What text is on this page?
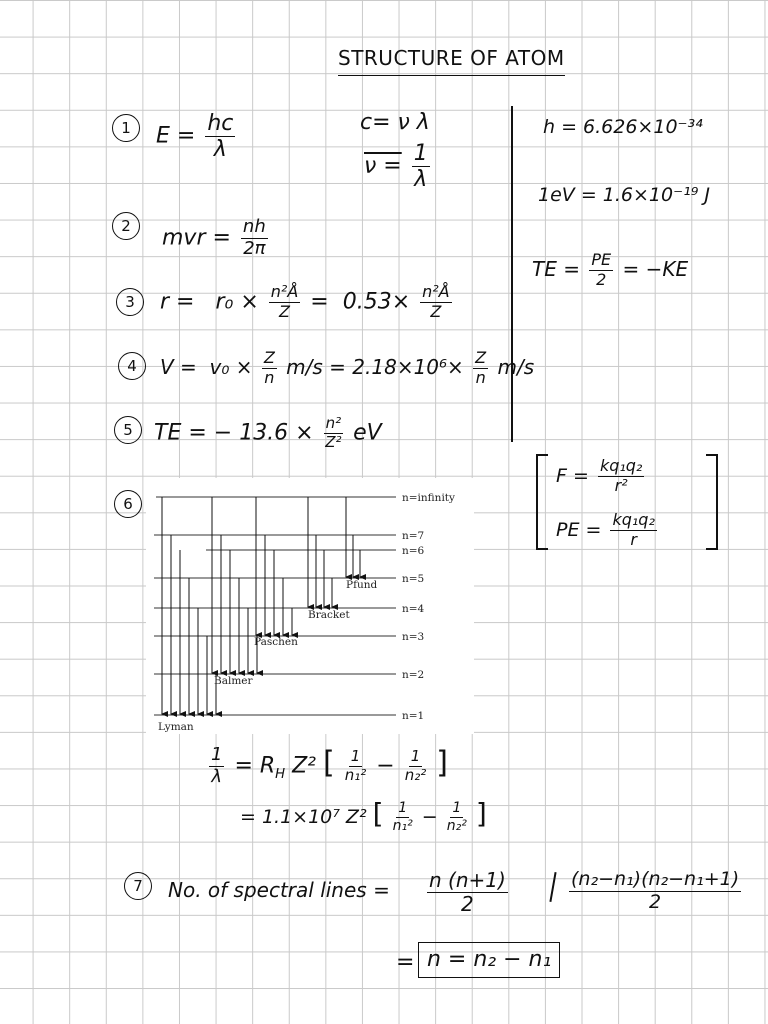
STRUCTURE OF ATOM
1	$E = \frac{hc}{\lambda}$	c= ν λ
$\nu = \frac{1}{\lambda}$
h = 6.626×10⁻³⁴
1eV = 1.6×10⁻¹⁹ J
TE = $\frac{PE}{2} = -KE$
2	mvr = $\frac{nh}{2\pi}$
3	$r = r_0 \times \frac{\text{n²Å}}{Z} = 0.53\times \frac{\text{n²Å}}{Z}$
4	$V = v_0 \times \frac{Z}{n} m/s = 2.18\times 10^6\times \frac{Z}{n} m/s$
5 TE = − $13.6 \times \frac{\text{n²}}{\text{Z²}}$ eV
$F = \frac{\text{kq₁q₂}}{\text{r²}}$
PE = $\frac{\text{kq₁q₂}}{r}$
6	n=infinity
n=7
n=6
n=5
n=4
n=3
n=2
n=1
Lyman
Balmer
Paschen
Bracket
Pfund
$\frac{1}{\lambda} = R_H$ Z² [ $\frac{1}{\text{n₁²}} - \frac{1}{\text{n₂²}}$ ]
= 1.1×10⁷ Z² [ $\frac{1}{\text{n₁²}} - \frac{1}{\text{n₂²}}$ ]
7	No. of spectral lines = $\frac{n (n+1)}{2}$	$\frac{\text{(n₂−n₁)(n₂−n₁+1)}}{2}$
= n = n₂ − n₁
